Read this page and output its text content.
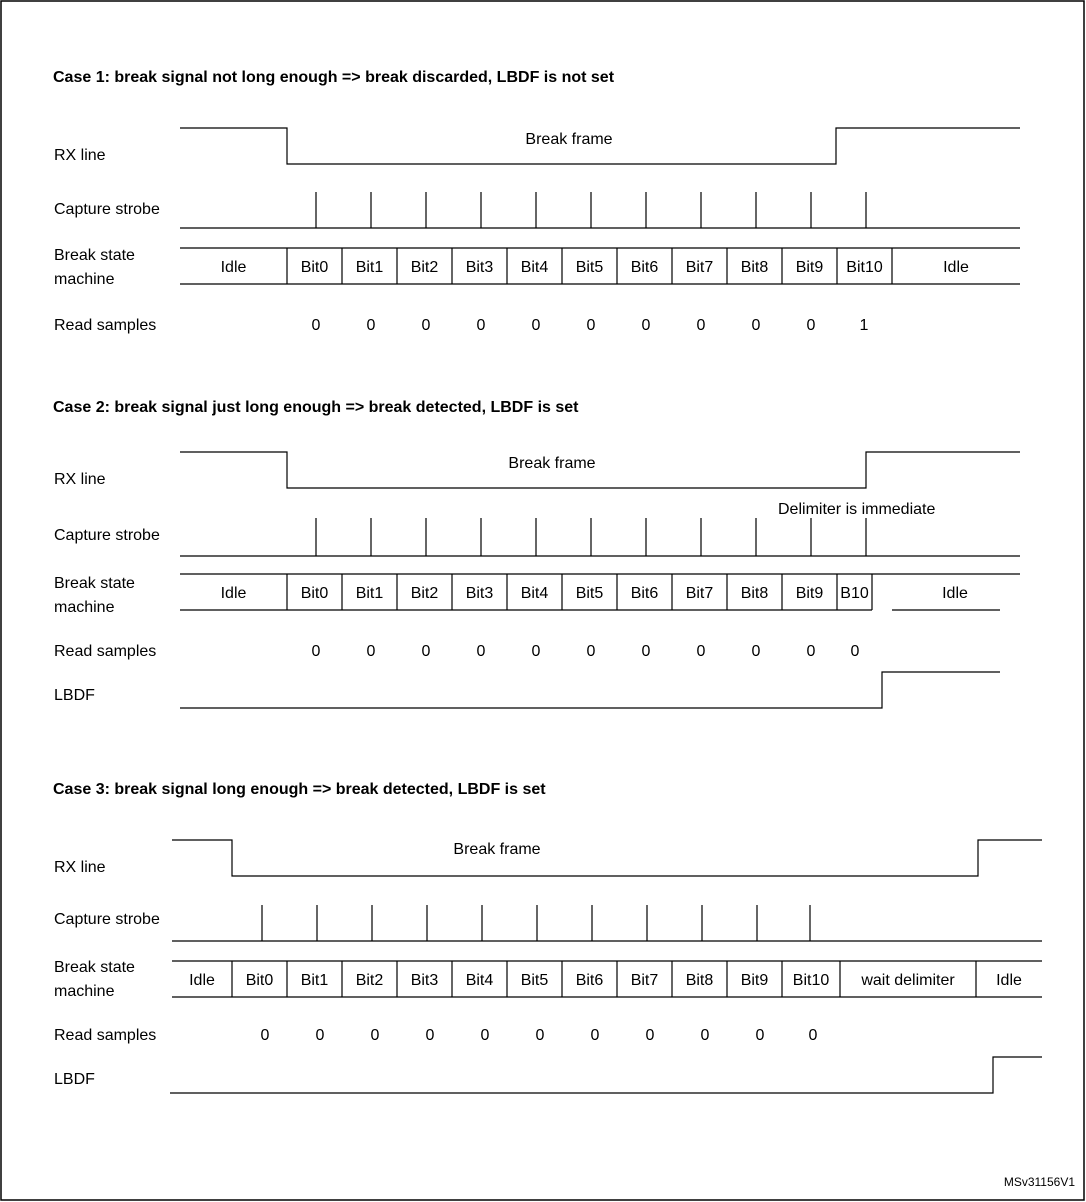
Case 1: break signal not long enough => break discarded, LBDF is not set
RX line
Break frame
Capture strobe
Break state
machine
Idle	Bit0 Bit1 Bit2 Bit3 Bit4 Bit5 Bit6 Bit7 Bit8 Bit9 Bit10	Idle
Read samples	0	0	0	0	0	0	0	0	0	0	1
Case 2: break signal just long enough => break detected, LBDF is set
RX line
Break frame
Delimiter is immediate
Capture strobe
Break state
machine
Idle	Bit0 Bit1 Bit2 Bit3 Bit4 Bit5 Bit6 Bit7 Bit8 Bit9 B10	Idle
Read samples	0	0	0	0	0	0	0	0	0	0 0
LBDF
Case 3: break signal long enough => break detected, LBDF is set
RX line
Break frame
Capture strobe
Break state
machine
Idle Bit0 Bit1 Bit2 Bit3 Bit4 Bit5 Bit6 Bit7 Bit8 Bit9 Bit10 wait delimiter	Idle
Read samples	0	0	0	0	0	0	0	0	0	0	0
LBDF
MSv31156V1
